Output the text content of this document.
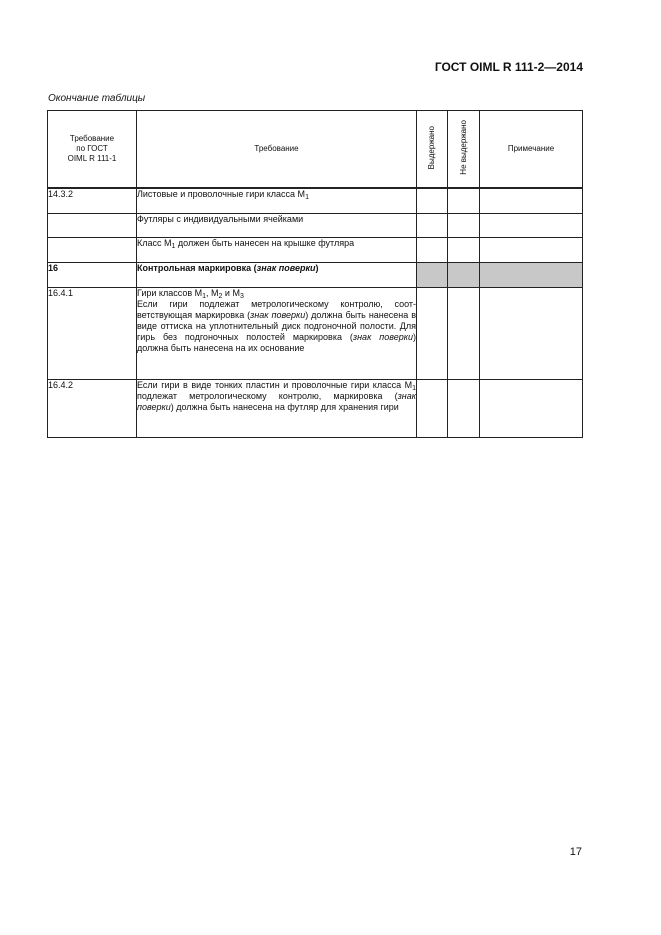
ГОСТ OIML R 111-2—2014
Окончание таблицы
Требование
по ГОСТ
OIML R 111-1	Требование	Выдержано	Не выдержано	Примечание
14.3.2	Листовые и проволочные гири класса $М_1$			
	Футляры с индивидуальными ячейками			
	Класс $М_1$ должен быть нанесен на крышке футляра			
16	Контрольная маркировка (знак поверки)			
16.4.1	Гири классов $М_1$, $М_2$ и $М_3$
Если гири подлежат метрологическому контролю, соответствующая маркировка (знак поверки) должна быть нанесена в виде оттиска на уплотнительный диск подгоночной полости. Для гирь без подгоночных полостей маркировка (знак поверки) должна быть нанесена на их основание			

16.4.2	Если гири в виде тонких пластин и проволочные гири класса $М_1$ подлежат метрологическому контролю, маркировка (знак поверки) должна быть нанесена на футляр для хранения гири			
17
